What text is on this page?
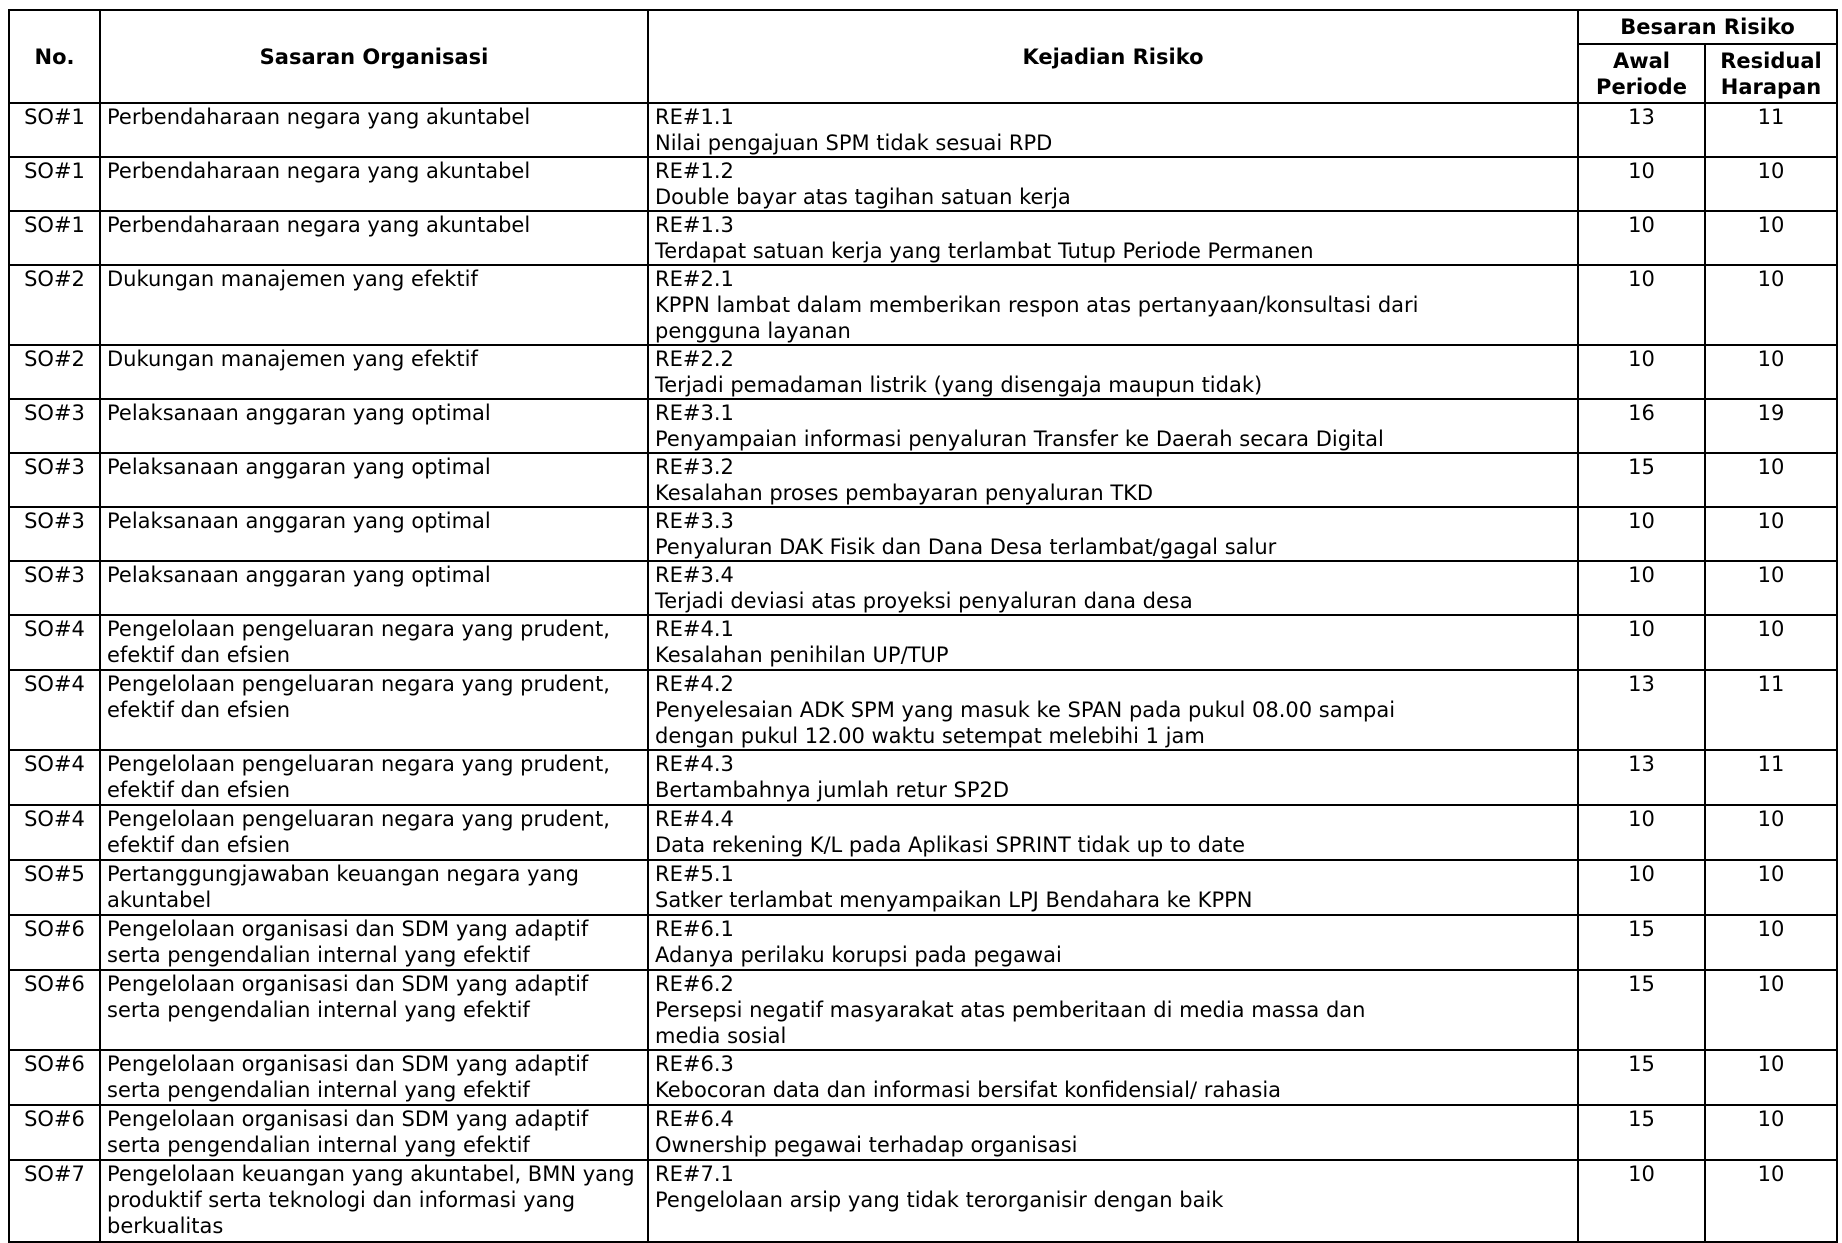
No.	Sasaran Organisasi	Kejadian Risiko	Besaran Risiko	
			Awal Periode	Residual Harapan
SO#1	Perbendaharaan negara yang akuntabel	RE#1.1Nilai pengajuan SPM tidak sesuai RPD	13	11
SO#1	Perbendaharaan negara yang akuntabel	RE#1.2Double bayar atas tagihan satuan kerja	10	10
SO#1	Perbendaharaan negara yang akuntabel	RE#1.3Terdapat satuan kerja yang terlambat Tutup Periode Permanen	10	10
SO#2	Dukungan manajemen yang efektif	RE#2.1KPPN lambat dalam memberikan respon atas pertanyaan/konsultasi dari pengguna layanan	10	10
SO#2	Dukungan manajemen yang efektif	RE#2.2Terjadi pemadaman listrik (yang disengaja maupun tidak)	10	10
SO#3	Pelaksanaan anggaran yang optimal	RE#3.1Penyampaian informasi penyaluran Transfer ke Daerah secara Digital	16	19
SO#3	Pelaksanaan anggaran yang optimal	RE#3.2Kesalahan proses pembayaran penyaluran TKD	15	10
SO#3	Pelaksanaan anggaran yang optimal	RE#3.3Penyaluran DAK Fisik dan Dana Desa terlambat/gagal salur	10	10
SO#3	Pelaksanaan anggaran yang optimal	RE#3.4Terjadi deviasi atas proyeksi penyaluran dana desa	10	10
SO#4	Pengelolaan pengeluaran negara yang prudent, efektif dan efsien	RE#4.1Kesalahan penihilan UP/TUP	10	10
SO#4	Pengelolaan pengeluaran negara yang prudent, efektif dan efsien	RE#4.2Penyelesaian ADK SPM yang masuk ke SPAN pada pukul 08.00 sampai dengan pukul 12.00 waktu setempat melebihi 1 jam	13	11
SO#4	Pengelolaan pengeluaran negara yang prudent, efektif dan efsien	RE#4.3Bertambahnya jumlah retur SP2D	13	11
SO#4	Pengelolaan pengeluaran negara yang prudent, efektif dan efsien	RE#4.4Data rekening K/L pada Aplikasi SPRINT tidak up to date	10	10
SO#5	Pertanggungjawaban keuangan negara yang akuntabel	RE#5.1Satker terlambat menyampaikan LPJ Bendahara ke KPPN	10	10
SO#6	Pengelolaan organisasi dan SDM yang adaptif serta pengendalian internal yang efektif	RE#6.1Adanya perilaku korupsi pada pegawai	15	10
SO#6	Pengelolaan organisasi dan SDM yang adaptif serta pengendalian internal yang efektif	RE#6.2Persepsi negatif masyarakat atas pemberitaan di media massa dan media sosial	15	10
SO#6	Pengelolaan organisasi dan SDM yang adaptif serta pengendalian internal yang efektif	RE#6.3Kebocoran data dan informasi bersifat konfidensial/ rahasia	15	10
SO#6	Pengelolaan organisasi dan SDM yang adaptif serta pengendalian internal yang efektif	RE#6.4Ownership pegawai terhadap organisasi	15	10
SO#7	Pengelolaan keuangan yang akuntabel, BMN yang produktif serta teknologi dan informasi yang berkualitas	RE#7.1Pengelolaan arsip yang tidak terorganisir dengan baik	10	10
